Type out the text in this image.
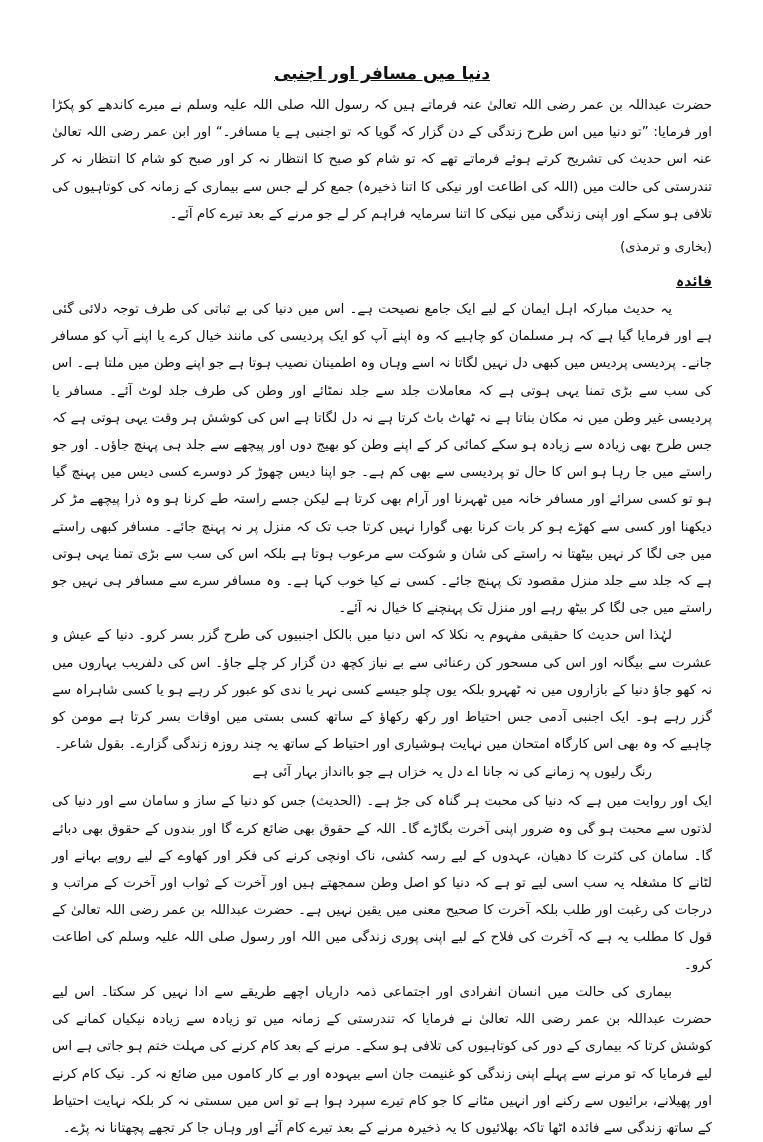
دنیا میں مسافر اور اجنبی

حضرت عبداللہ بن عمر رضی اللہ تعالیٰ عنہ فرماتے ہیں کہ رسول اللہ صلی اللہ علیہ وسلم نے میرے کاندھے کو پکڑا اور فرمایا: ”تو دنیا میں اس طرح زندگی کے دن گزار کہ گویا کہ تو اجنبی ہے یا مسافر۔“ اور ابن عمر رضی اللہ تعالیٰ عنہ اس حدیث کی تشریح کرتے ہوئے فرماتے تھے کہ تو شام کو صبح کا انتظار نہ کر اور صبح کو شام کا انتظار نہ کر تندرستی کی حالت میں (اللہ کی اطاعت اور نیکی کا اتنا ذخیرہ) جمع کر لے جس سے بیماری کے زمانہ کی کوتاہیوں کی تلافی ہو سکے اور اپنی زندگی میں نیکی کا اتنا سرمایہ فراہم کر لے جو مرنے کے بعد تیرے کام آئے۔

(بخاری و ترمذی)
فائدہ

یہ حدیث مبارکہ اہل ایمان کے لیے ایک جامع نصیحت ہے۔ اس میں دنیا کی بے ثباتی کی طرف توجہ دلائی گئی ہے اور فرمایا گیا ہے کہ ہر مسلمان کو چاہیے کہ وہ اپنے آپ کو ایک پردیسی کی مانند خیال کرے یا اپنے آپ کو مسافر جانے۔ پردیسی پردیس میں کبھی دل نہیں لگاتا نہ اسے وہاں وہ اطمینان نصیب ہوتا ہے جو اپنے وطن میں ملتا ہے۔ اس کی سب سے بڑی تمنا یہی ہوتی ہے کہ معاملات جلد سے جلد نمٹائے اور وطن کی طرف جلد لوٹ آئے۔ مسافر یا پردیسی غیر وطن میں نہ مکان بناتا ہے نہ ٹھاٹ باٹ کرتا ہے نہ دل لگاتا ہے اس کی کوشش ہر وقت یہی ہوتی ہے کہ جس طرح بھی زیادہ سے زیادہ ہو سکے کمائی کر کے اپنے وطن کو بھیج دوں اور پیچھے سے جلد ہی پہنچ جاؤں۔ اور جو راستے میں جا رہا ہو اس کا حال تو پردیسی سے بھی کم ہے۔ جو اپنا دیس چھوڑ کر دوسرے کسی دیس میں پہنچ گیا ہو تو کسی سرائے اور مسافر خانہ میں ٹھہرنا اور آرام بھی کرتا ہے لیکن جسے راستہ طے کرنا ہو وہ ذرا پیچھے مڑ کر دیکھنا اور کسی سے کھڑے ہو کر بات کرنا بھی گوارا نہیں کرتا جب تک کہ منزل پر نہ پہنچ جائے۔ مسافر کبھی راستے میں جی لگا کر نہیں بیٹھتا نہ راستے کی شان و شوکت سے مرعوب ہوتا ہے بلکہ اس کی سب سے بڑی تمنا یہی ہوتی ہے کہ جلد سے جلد منزل مقصود تک پہنچ جائے۔ کسی نے کیا خوب کہا ہے۔ وہ مسافر سرے سے مسافر ہی نہیں جو راستے میں جی لگا کر بیٹھ رہے اور منزل تک پہنچنے کا خیال نہ آئے۔

لہٰذا اس حدیث کا حقیقی مفہوم یہ نکلا کہ اس دنیا میں بالکل اجنبیوں کی طرح گزر بسر کرو۔ دنیا کے عیش و عشرت سے بیگانہ اور اس کی مسحور کن رعنائی سے بے نیاز کچھ دن گزار کر چلے جاؤ۔ اس کی دلفریب بہاروں میں نہ کھو جاؤ دنیا کے بازاروں میں نہ ٹھہرو بلکہ یوں چلو جیسے کسی نہر یا ندی کو عبور کر رہے ہو یا کسی شاہراہ سے گزر رہے ہو۔ ایک اجنبی آدمی جس احتیاط اور رکھ رکھاؤ کے ساتھ کسی بستی میں اوقات بسر کرتا ہے مومن کو چاہیے کہ وہ بھی اس کارگاہ امتحان میں نہایت ہوشیاری اور احتیاط کے ساتھ یہ چند روزہ زندگی گزارے۔ بقول شاعر۔

رنگ رلیوں پہ زمانے کی نہ جانا اے دل یہ خزاں ہے جو باانداز بہار آئی ہے

ایک اور روایت میں ہے کہ دنیا کی محبت ہر گناہ کی جڑ ہے۔ (الحدیث) جس کو دنیا کے ساز و سامان سے اور دنیا کی لذتوں سے محبت ہو گی وہ ضرور اپنی آخرت بگاڑے گا۔ اللہ کے حقوق بھی ضائع کرے گا اور بندوں کے حقوق بھی دبائے گا۔ سامان کی کثرت کا دھیان، عہدوں کے لیے رسہ کشی، ناک اونچی کرنے کی فکر اور کھاوے کے لیے روپے بہانے اور لٹانے کا مشغلہ یہ سب اسی لیے تو ہے کہ دنیا کو اصل وطن سمجھتے ہیں اور آخرت کے ثواب اور آخرت کے مراتب و درجات کی رغبت اور طلب بلکہ آخرت کا صحیح معنی میں یقین نہیں ہے۔ حضرت عبداللہ بن عمر رضی اللہ تعالیٰ کے قول کا مطلب یہ ہے کہ آخرت کی فلاح کے لیے اپنی پوری زندگی میں اللہ اور رسول صلی اللہ علیہ وسلم کی اطاعت کرو۔

بیماری کی حالت میں انسان انفرادی اور اجتماعی ذمہ داریاں اچھے طریقے سے ادا نہیں کر سکتا۔ اس لیے حضرت عبداللہ بن عمر رضی اللہ تعالیٰ نے فرمایا کہ تندرستی کے زمانہ میں تو زیادہ سے زیادہ نیکیاں کمانے کی کوشش کرتا کہ بیماری کے دور کی کوتاہیوں کی تلافی ہو سکے۔ مرنے کے بعد کام کرنے کی مہلت ختم ہو جاتی ہے اس لیے فرمایا کہ تو مرنے سے پہلے اپنی زندگی کو غنیمت جان اسے بیہودہ اور بے کار کاموں میں ضائع نہ کر۔ نیک کام کرنے اور پھیلانے، برائیوں سے رکنے اور انہیں مٹانے کا جو کام تیرے سپرد ہوا ہے تو اس میں سستی نہ کر بلکہ نہایت احتیاط کے ساتھ زندگی سے فائدہ اٹھا تاکہ بھلائیوں کا یہ ذخیرہ مرنے کے بعد تیرے کام آئے اور وہاں جا کر تجھے پچھتانا نہ پڑے۔
